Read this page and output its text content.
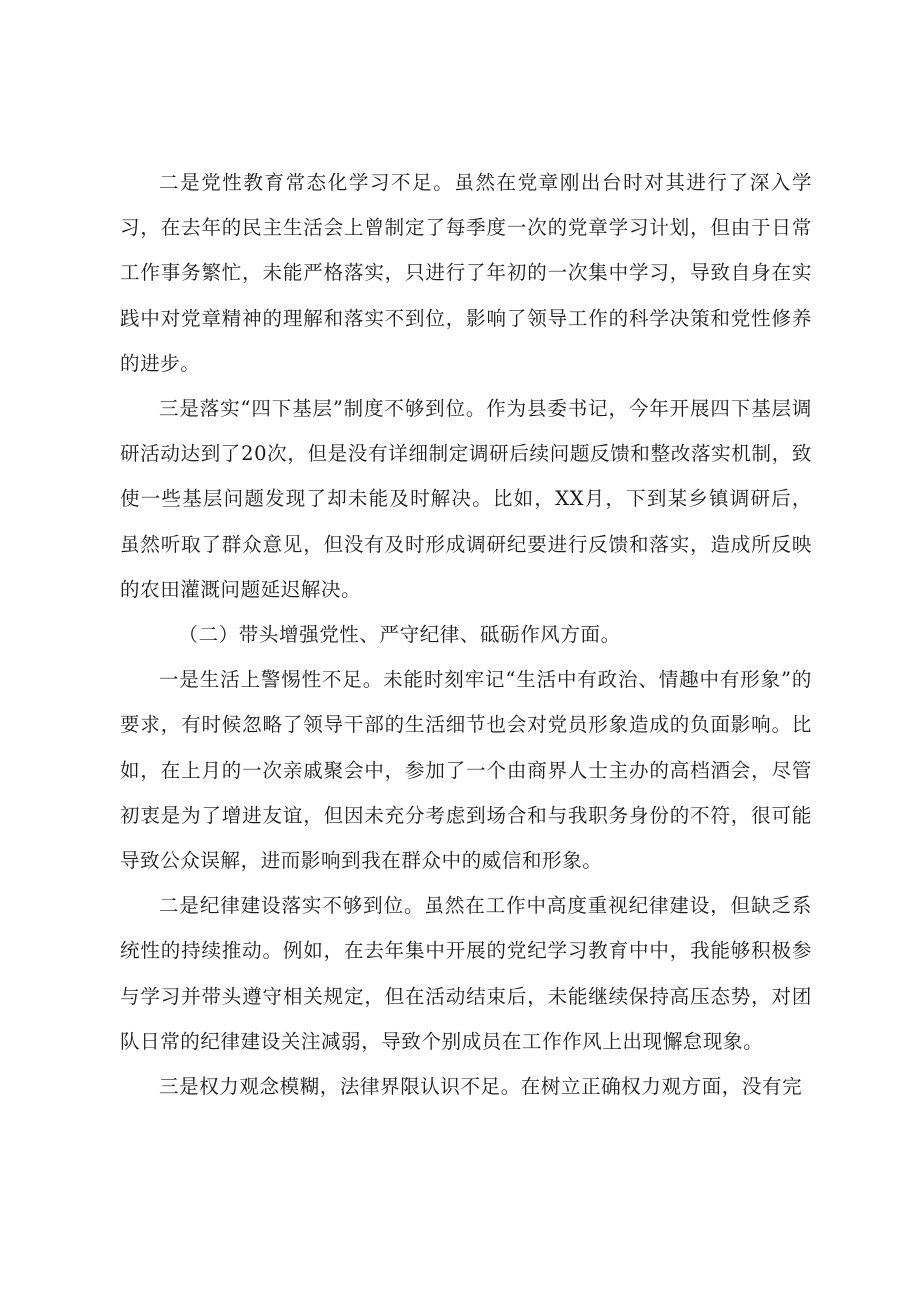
二是党性教育常态化学习不足。虽然在党章刚出台时对其进行了深入学习，在去年的民主生活会上曾制定了每季度一次的党章学习计划，但由于日常工作事务繁忙，未能严格落实，只进行了年初的一次集中学习，导致自身在实践中对党章精神的理解和落实不到位，影响了领导工作的科学决策和党性修养的进步。

三是落实“四下基层”制度不够到位。作为县委书记，今年开展四下基层调研活动达到了20次，但是没有详细制定调研后续问题反馈和整改落实机制，致使一些基层问题发现了却未能及时解决。比如，XX月，下到某乡镇调研后，虽然听取了群众意见，但没有及时形成调研纪要进行反馈和落实，造成所反映的农田灌溉问题延迟解决。

（二）带头增强党性、严守纪律、砥砺作风方面。

一是生活上警惕性不足。未能时刻牢记“生活中有政治、情趣中有形象”的要求，有时候忽略了领导干部的生活细节也会对党员形象造成的负面影响。比如，在上月的一次亲戚聚会中，参加了一个由商界人士主办的高档酒会，尽管初衷是为了增进友谊，但因未充分考虑到场合和与我职务身份的不符，很可能导致公众误解，进而影响到我在群众中的威信和形象。

二是纪律建设落实不够到位。虽然在工作中高度重视纪律建设，但缺乏系统性的持续推动。例如，在去年集中开展的党纪学习教育中中，我能够积极参与学习并带头遵守相关规定，但在活动结束后，未能继续保持高压态势，对团队日常的纪律建设关注减弱，导致个别成员在工作作风上出现懈怠现象。

三是权力观念模糊，法律界限认识不足。在树立正确权力观方面，没有完
